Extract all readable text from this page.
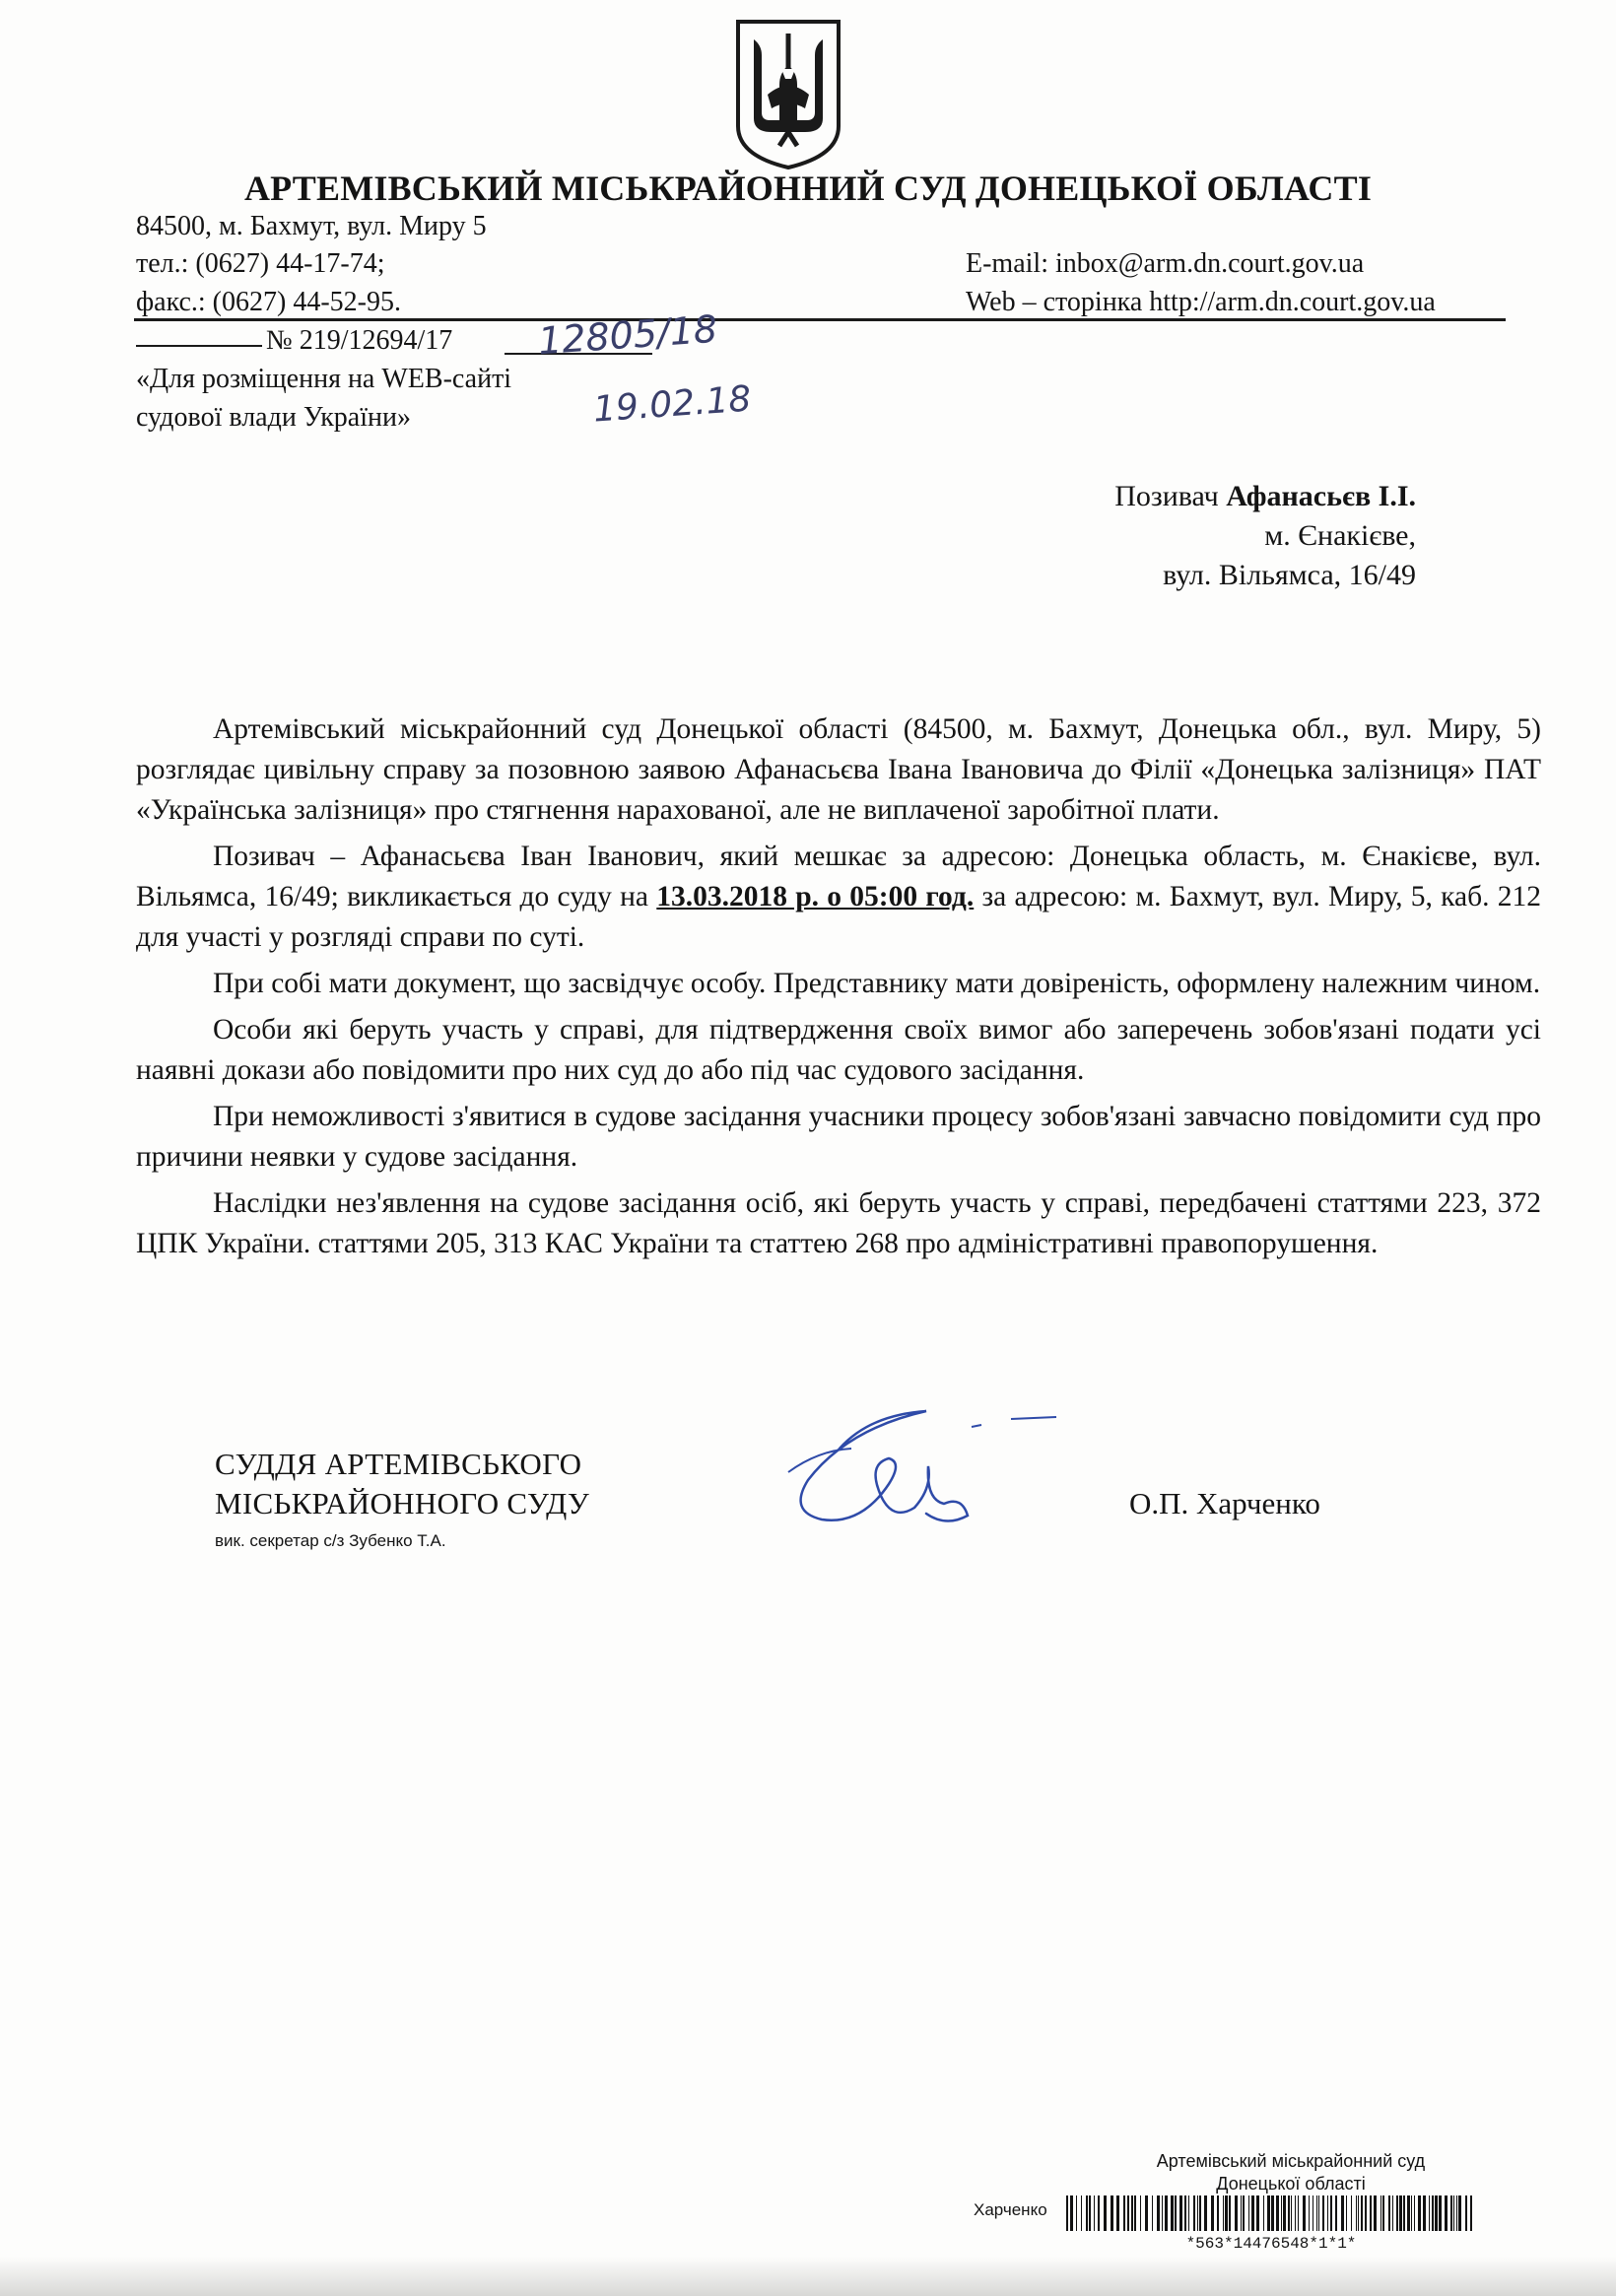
АРТЕМІВСЬКИЙ МІСЬКРАЙОННИЙ СУД ДОНЕЦЬКОЇ ОБЛАСТІ
84500, м. Бахмут, вул. Миру 5
тел.: (0627) 44-17-74;
факс.: (0627) 44-52-95.
E-mail: inbox@arm.dn.court.gov.ua
Web – сторінка http://arm.dn.court.gov.ua
№ 219/12694/17 12805/18
19.02.18
«Для розміщення на WEB-сайті
судової влади України»
Позивач Афанасьєв І.І.
м. Єнакієве,
вул. Вільямса, 16/49

Артемівський міськрайонний суд Донецької області (84500, м. Бахмут, Донецька обл., вул. Миру, 5) розглядає цивільну справу за позовною заявою Афанасьєва Івана Івановича до Філії «Донецька залізниця» ПАТ «Українська залізниця» про стягнення нарахованої, але не виплаченої заробітної плати.

Позивач – Афанасьєва Іван Іванович, який мешкає за адресою: Донецька область, м. Єнакієве, вул. Вільямса, 16/49; викликається до суду на 13.03.2018 р. о 05:00 год. за адресою: м. Бахмут, вул. Миру, 5, каб. 212 для участі у розгляді справи по суті.

При собі мати документ, що засвідчує особу. Представнику мати довіреність, оформлену належним чином.

Особи які беруть участь у справі, для підтвердження своїх вимог або заперечень зобов'язані подати усі наявні докази або повідомити про них суд до або під час судового засідання.

При неможливості з'явитися в судове засідання учасники процесу зобов'язані завчасно повідомити суд про причини неявки у судове засідання.

Наслідки нез'явлення на судове засідання осіб, які беруть участь у справі, передбачені статтями 223, 372 ЦПК України. статтями 205, 313 КАС України та статтею 268 про адміністративні правопорушення.

СУДДЯ АРТЕМІВСЬКОГО
МІСЬКРАЙОННОГО СУДУ
вик. секретар с/з Зубенко Т.А.
О.П. Харченко
Артемівський міськрайонний суд
Донецької області
Харченко
*563*14476548*1*1*
